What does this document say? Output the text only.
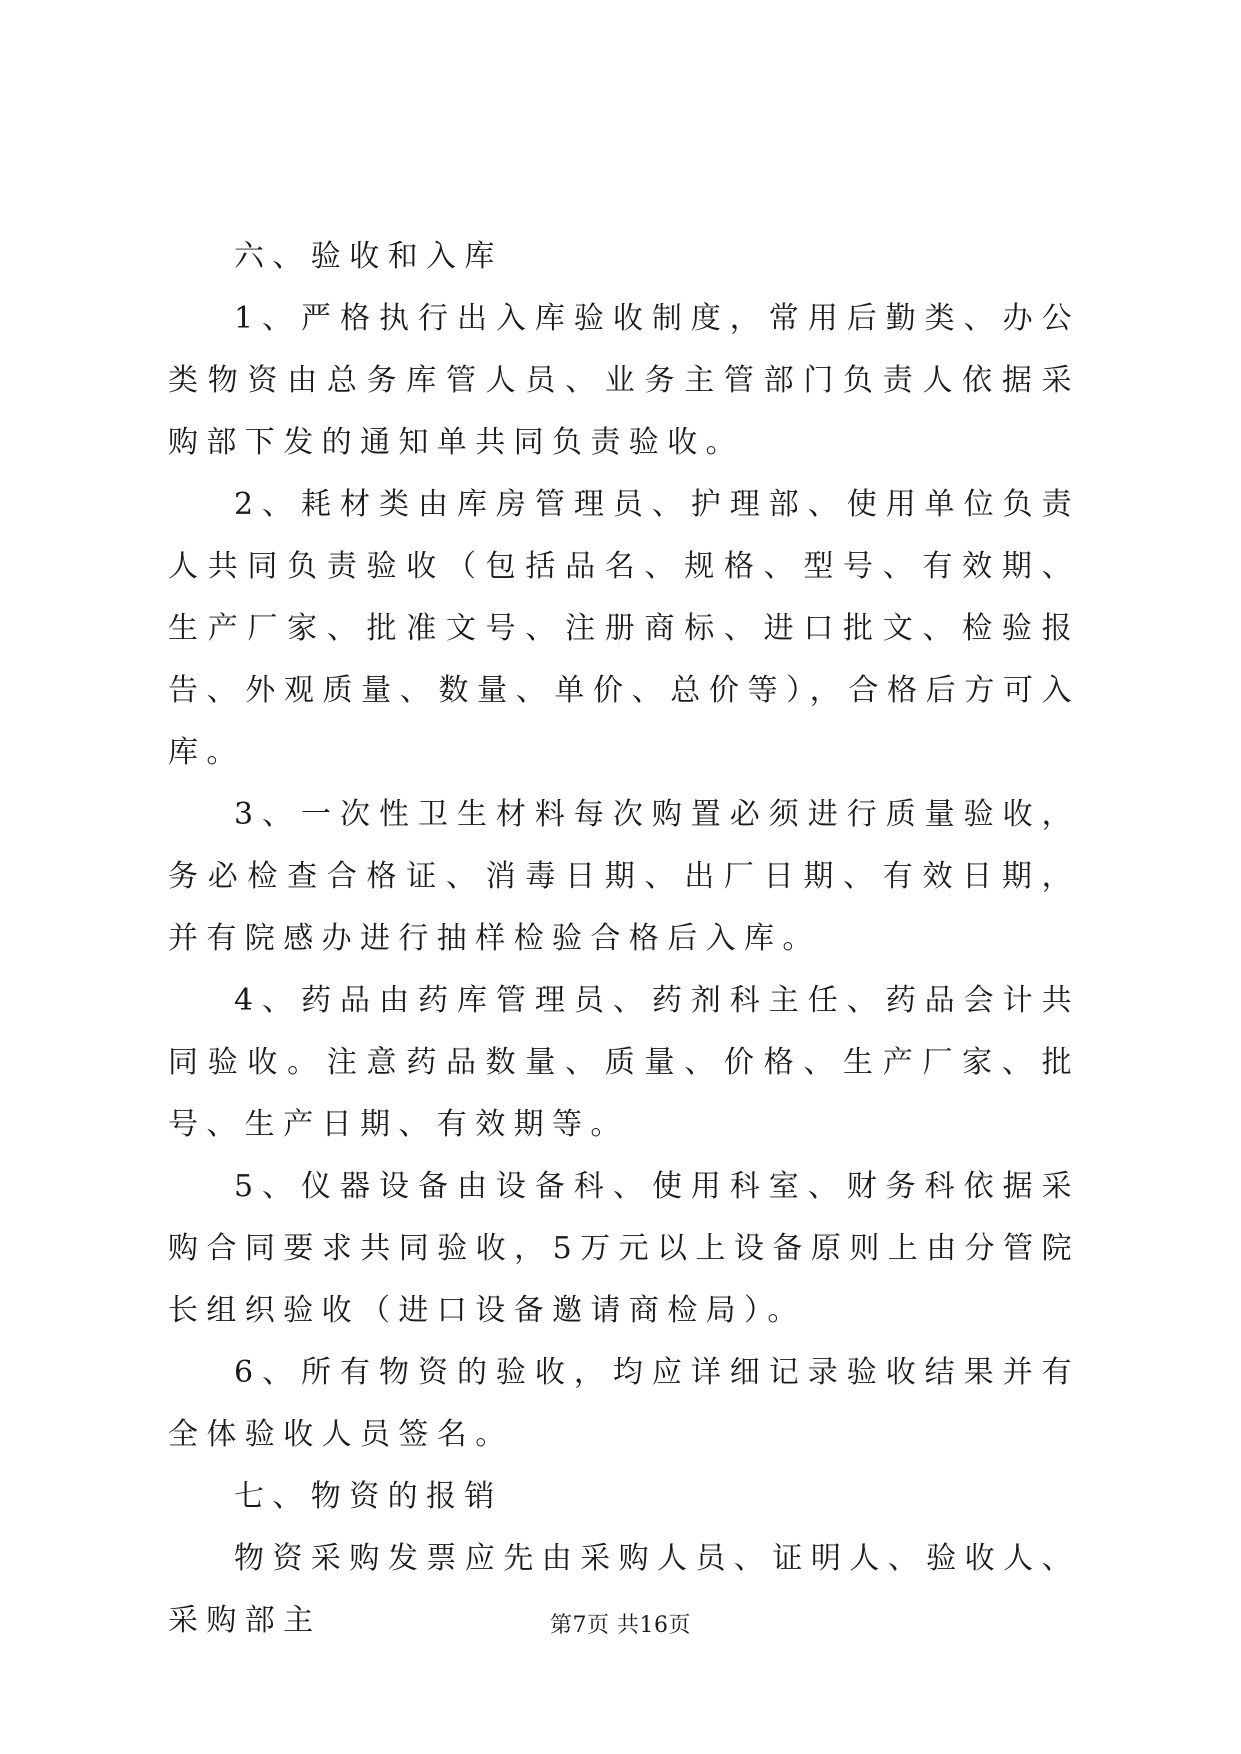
六、验收和入库

1、严格执行出入库验收制度，常用后勤类、办公类物资由总务库管人员、业务主管部门负责人依据采购部下发的通知单共同负责验收。

2、耗材类由库房管理员、护理部、使用单位负责人共同负责验收（包括品名、规格、型号、有效期、生产厂家、批准文号、注册商标、进口批文、检验报告、外观质量、数量、单价、总价等），合格后方可入库。

3、一次性卫生材料每次购置必须进行质量验收，务必检查合格证、消毒日期、出厂日期、有效日期，并有院感办进行抽样检验合格后入库。

4、药品由药库管理员、药剂科主任、药品会计共同验收。注意药品数量、质量、价格、生产厂家、批号、生产日期、有效期等。

5、仪器设备由设备科、使用科室、财务科依据采购合同要求共同验收，5万元以上设备原则上由分管院长组织验收（进口设备邀请商检局）。

6、所有物资的验收，均应详细记录验收结果并有全体验收人员签名。

七、物资的报销

物资采购发票应先由采购人员、证明人、验收人、采购部主	第7页 共16页
